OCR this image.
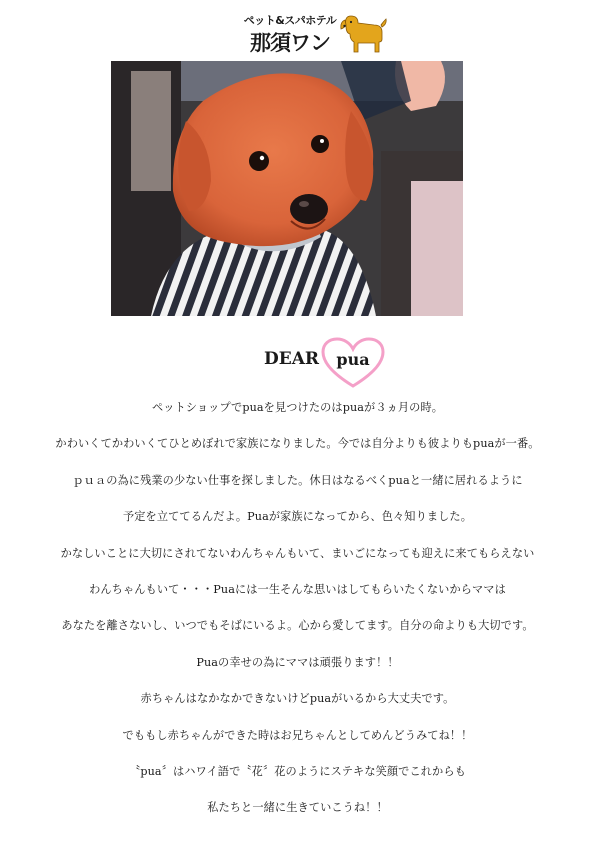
ペット&スパホテル
那須ワン
DEAR	pua
ペットショップでpuaを見つけたのはpuaが３ヵ月の時。
かわいくてかわいくてひとめぼれで家族になりました。今では自分よりも彼よりもpuaが一番。
ｐｕａの為に残業の少ない仕事を探しました。休日はなるべくpuaと一緒に居れるように
予定を立ててるんだよ。Puaが家族になってから、色々知りました。
かなしいことに大切にされてないわんちゃんもいて、まいごになっても迎えに来てもらえない
わんちゃんもいて・・・Puaには一生そんな思いはしてもらいたくないからママは
あなたを離さないし、いつでもそばにいるよ。心から愛してます。自分の命よりも大切です。
Puaの幸せの為にママは頑張ります！！
赤ちゃんはなかなかできないけどpuaがいるから大丈夫です。
でももし赤ちゃんができた時はお兄ちゃんとしてめんどうみてね！！
〝pua〞はハワイ語で〝花〞花のようにステキな笑顔でこれからも
私たちと一緒に生きていこうね！！
